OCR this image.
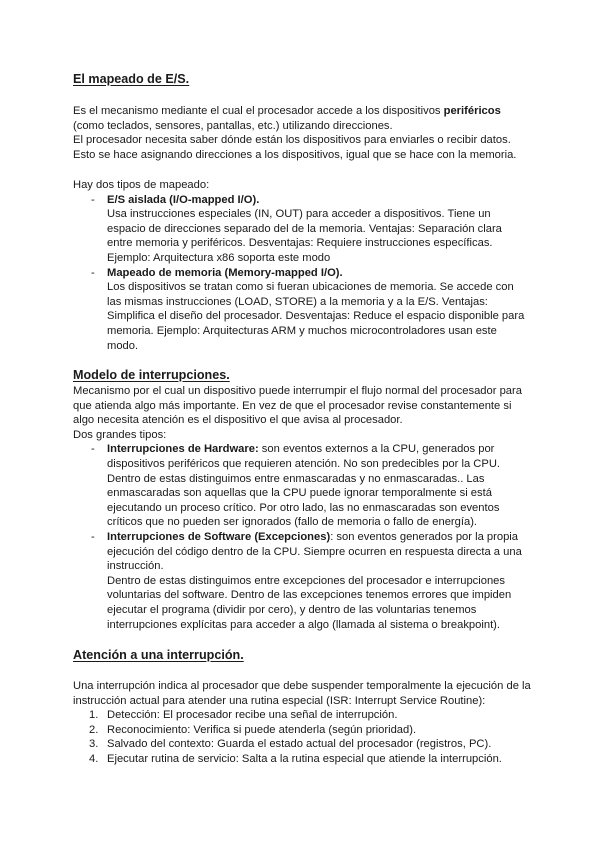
El mapeado de E/S.

Es el mecanismo mediante el cual el procesador accede a los dispositivos periféricos

(como teclados, sensores, pantallas, etc.) utilizando direcciones.

El procesador necesita saber dónde están los dispositivos para enviarles o recibir datos.

Esto se hace asignando direcciones a los dispositivos, igual que se hace con la memoria.

Hay dos tipos de mapeado:

- E/S aislada (I/O-mapped I/O).
Usa instrucciones especiales (IN, OUT) para acceder a dispositivos. Tiene un
espacio de direcciones separado del de la memoria. Ventajas: Separación clara
entre memoria y periféricos. Desventajas: Requiere instrucciones específicas.
Ejemplo: Arquitectura x86 soporta este modo
- Mapeado de memoria (Memory-mapped I/O).
Los dispositivos se tratan como si fueran ubicaciones de memoria. Se accede con
las mismas instrucciones (LOAD, STORE) a la memoria y a la E/S. Ventajas:
Simplifica el diseño del procesador. Desventajas: Reduce el espacio disponible para
memoria. Ejemplo: Arquitecturas ARM y muchos microcontroladores usan este
modo.
Modelo de interrupciones.

Mecanismo por el cual un dispositivo puede interrumpir el flujo normal del procesador para

que atienda algo más importante. En vez de que el procesador revise constantemente si

algo necesita atención es el dispositivo el que avisa al procesador.

Dos grandes tipos:

- Interrupciones de Hardware: son eventos externos a la CPU, generados por
dispositivos periféricos que requieren atención. No son predecibles por la CPU.
Dentro de estas distinguimos entre enmascaradas y no enmascaradas.. Las
enmascaradas son aquellas que la CPU puede ignorar temporalmente si está
ejecutando un proceso crítico. Por otro lado, las no enmascaradas son eventos
críticos que no pueden ser ignorados (fallo de memoria o fallo de energía).
- Interrupciones de Software (Excepciones): son eventos generados por la propia
ejecución del código dentro de la CPU. Siempre ocurren en respuesta directa a una
instrucción.
Dentro de estas distinguimos entre excepciones del procesador e interrupciones
voluntarias del software. Dentro de las excepciones tenemos errores que impiden
ejecutar el programa (dividir por cero), y dentro de las voluntarias tenemos
interrupciones explícitas para acceder a algo (llamada al sistema o breakpoint).
Atención a una interrupción.

Una interrupción indica al procesador que debe suspender temporalmente la ejecución de la

instrucción actual para atender una rutina especial (ISR: Interrupt Service Routine):

1. Detección: El procesador recibe una señal de interrupción.
2. Reconocimiento: Verifica si puede atenderla (según prioridad).
3. Salvado del contexto: Guarda el estado actual del procesador (registros, PC).
4. Ejecutar rutina de servicio: Salta a la rutina especial que atiende la interrupción.
